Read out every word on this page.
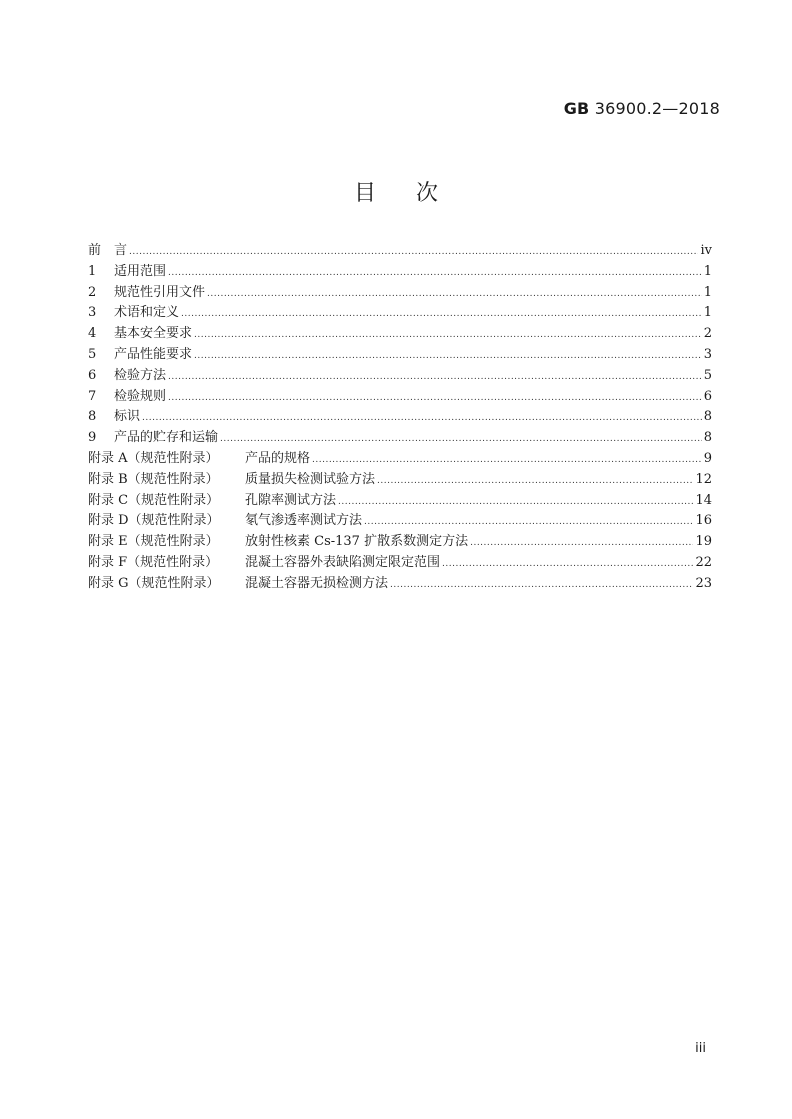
GB 36900.2—2018
目次
前　言 .....	iv
1	适用范围 .....	1
2	规范性引用文件 .....	1
3	术语和定义 .....	1
4	基本安全要求 .....	2
5	产品性能要求 .....	3
6	检验方法 .....	5
7	检验规则 .....	6
8	标识 .....	8
9	产品的贮存和运输 .....	8
附录 A（规范性附录）	产品的规格 .....	9
附录 B（规范性附录）	质量损失检测试验方法 .....	12
附录 C（规范性附录）	孔隙率测试方法 .....	14
附录 D（规范性附录）	氡气渗透率测试方法 .....	16
附录 E（规范性附录）	放射性核素 Cs-137 扩散系数测定方法 .....	19
附录 F（规范性附录）	混凝土容器外表缺陷测定限定范围 .....	22
附录 G（规范性附录）	混凝土容器无损检测方法 .....	23
iii
